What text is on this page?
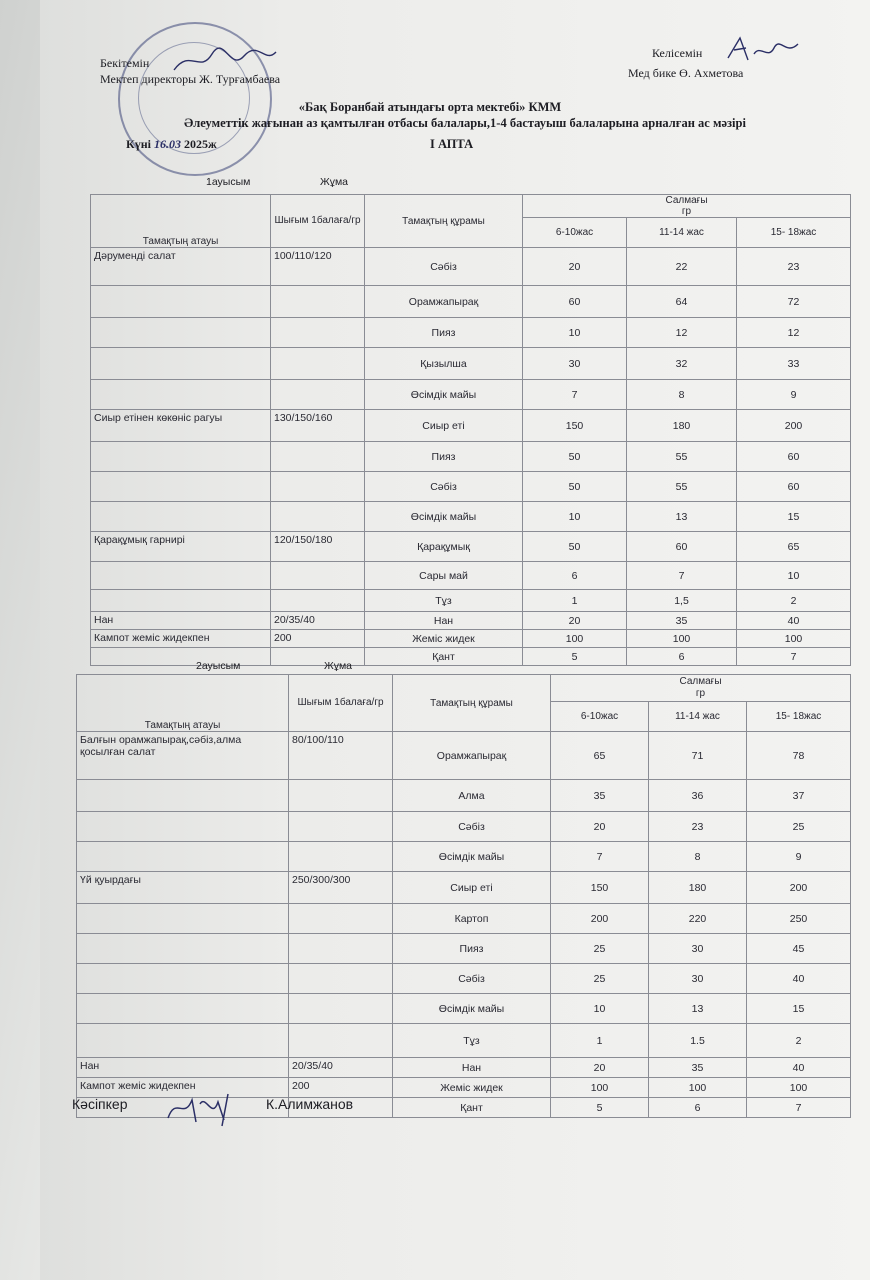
Бекітемін
Мектеп директоры Ж. Турғамбаева
Келісемін
Мед бике Ө. Ахметова
«Бақ Боранбай атындағы орта мектебі» КММ
Әлеуметтік жағынан аз қамтылған отбасы балалары,1-4 бастауыш балаларына арналған ас мәзірі
Күні 16.03 2025ж	I АПТА
1ауысым	Жұма
Тамақтың атауы	Шығым 1балаға/гр	Тамақтың құрамы	Салмағы
гр		
			6-10жас	11-14 жас	15- 18жас
Дәруменді салат	100/110/120	Сәбіз	20	22	23
		Орамжапырақ	60	64	72
		Пияз	10	12	12
		Қызылша	30	32	33
		Өсімдік майы	7	8	9
Сиыр етінен көкөніс рагуы	130/150/160	Сиыр еті	150	180	200
		Пияз	50	55	60
		Сәбіз	50	55	60
		Өсімдік майы	10	13	15
Қарақұмық гарнирі	120/150/180	Қарақұмық	50	60	65
		Сары май	6	7	10
		Тұз	1	1,5	2
Нан	20/35/40	Нан	20	35	40
Кампот жеміс жидекпен	200	Жеміс жидек	100	100	100
		Қант	5	6	7
2ауысым	Жұма
Тамақтың атауы	Шығым 1балаға/гр	Тамақтың құрамы	Салмағы
гр		
			6-10жас	11-14 жас	15- 18жас
Балғын орамжапырақ,сәбіз,алма қосылған салат	80/100/110	Орамжапырақ	65	71	78
		Алма	35	36	37
		Сәбіз	20	23	25
		Өсімдік майы	7	8	9
Үй қуырдағы	250/300/300	Сиыр еті	150	180	200
		Картоп	200	220	250
		Пияз	25	30	45
		Сәбіз	25	30	40
		Өсімдік майы	10	13	15
		Тұз	1	1.5	2
Нан	20/35/40	Нан	20	35	40
Кампот жеміс жидекпен	200	Жеміс жидек	100	100	100
		Қант	5	6	7
Кәсіпкер	К.Алимжанов
